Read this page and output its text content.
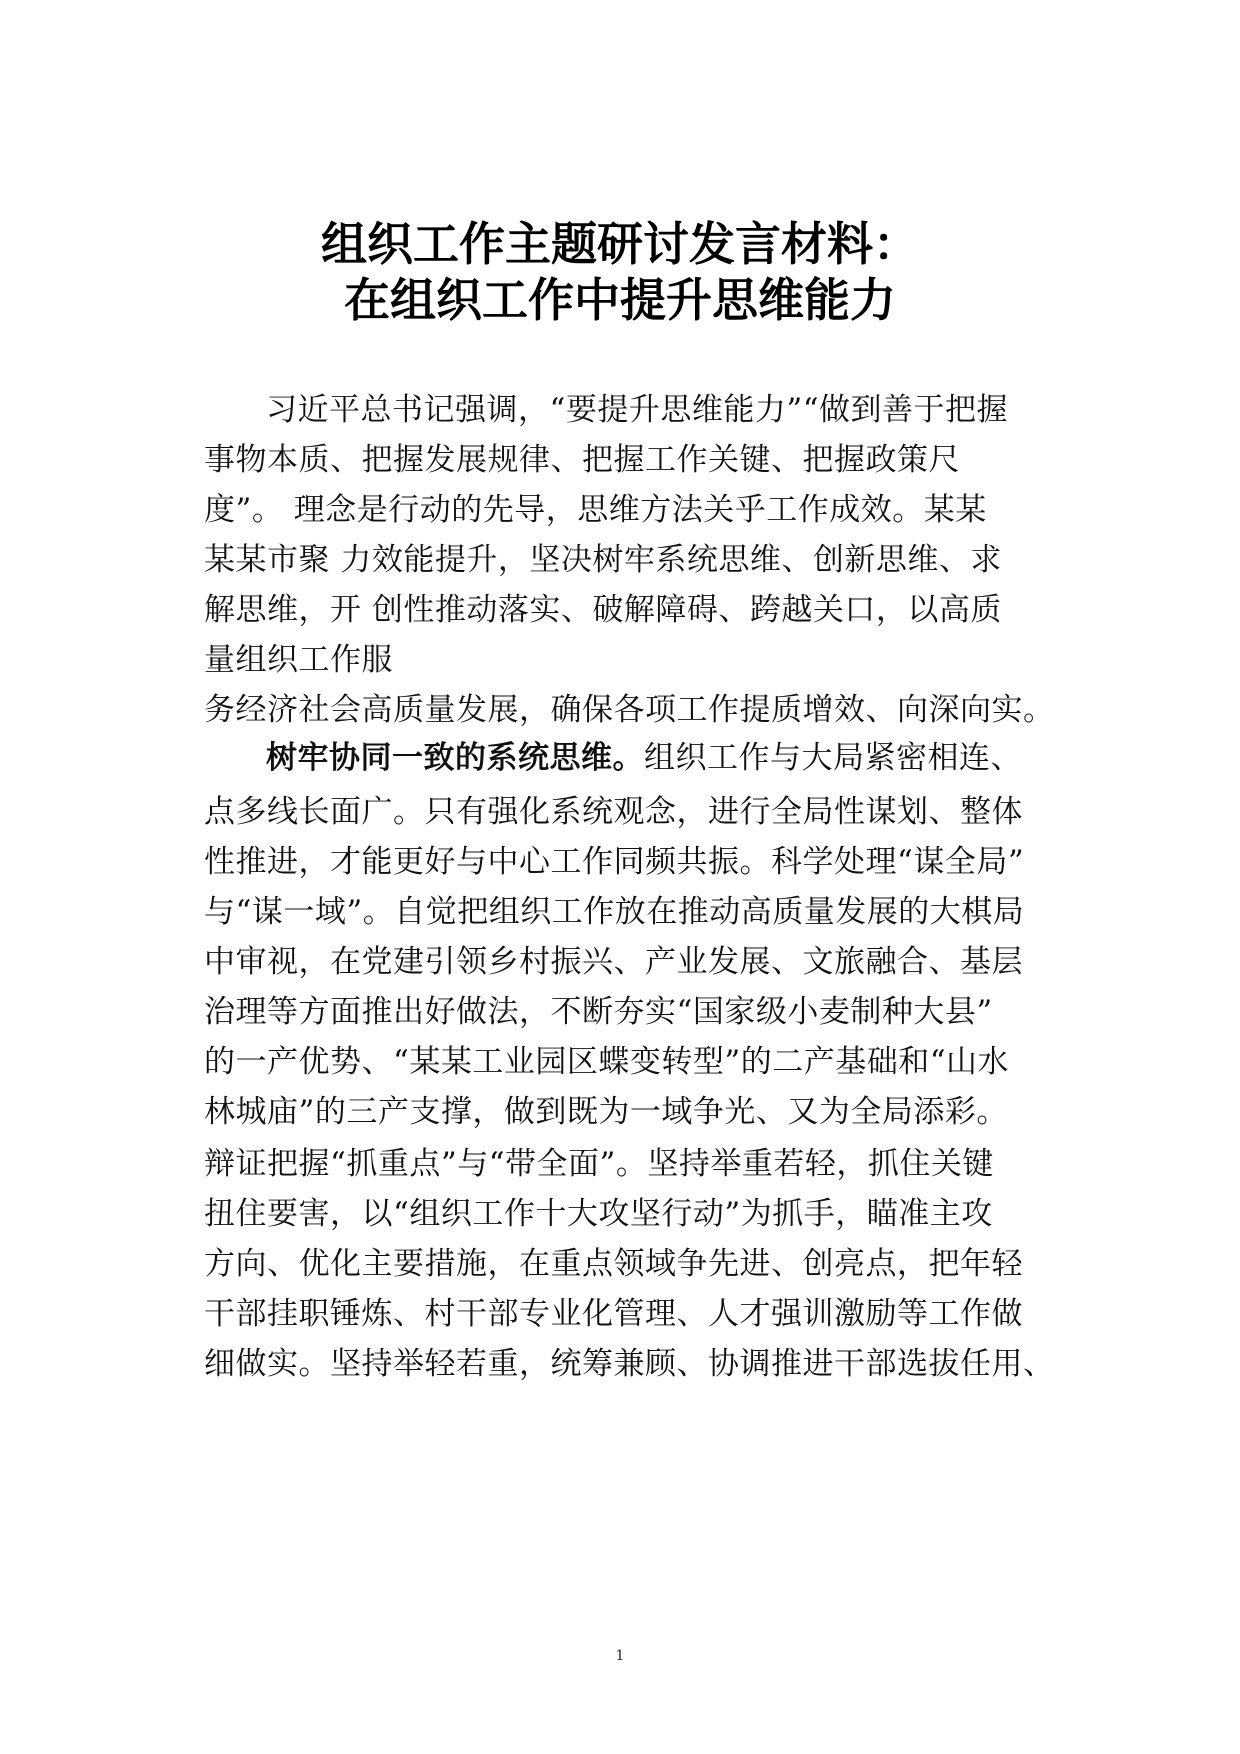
组织工作主题研讨发言材料：
在组织工作中提升思维能力
习近平总书记强调，“要提升思维能力”“做到善于把握
事物本质、把握发展规律、把握工作关键、把握政策尺
度”。 理念是行动的先导，思维方法关乎工作成效。某某
某某市聚 力效能提升，坚决树牢系统思维、创新思维、求
解思维，开 创性推动落实、破解障碍、跨越关口，以高质
量组织工作服
务经济社会高质量发展，确保各项工作提质增效、向深向实。
树牢协同一致的系统思维。组织工作与大局紧密相连、
点多线长面广。只有强化系统观念，进行全局性谋划、整体
性推进，才能更好与中心工作同频共振。科学处理“谋全局”
与“谋一域”。自觉把组织工作放在推动高质量发展的大棋局
中审视，在党建引领乡村振兴、产业发展、文旅融合、基层
治理等方面推出好做法，不断夯实“国家级小麦制种大县”
的一产优势、“某某工业园区蝶变转型”的二产基础和“山水
林城庙”的三产支撑，做到既为一域争光、又为全局添彩。
辩证把握“抓重点”与“带全面”。坚持举重若轻，抓住关键
扭住要害，以“组织工作十大攻坚行动”为抓手，瞄准主攻
方向、优化主要措施，在重点领域争先进、创亮点，把年轻
干部挂职锤炼、村干部专业化管理、人才强训激励等工作做
细做实。坚持举轻若重，统筹兼顾、协调推进干部选拔任用、
1
